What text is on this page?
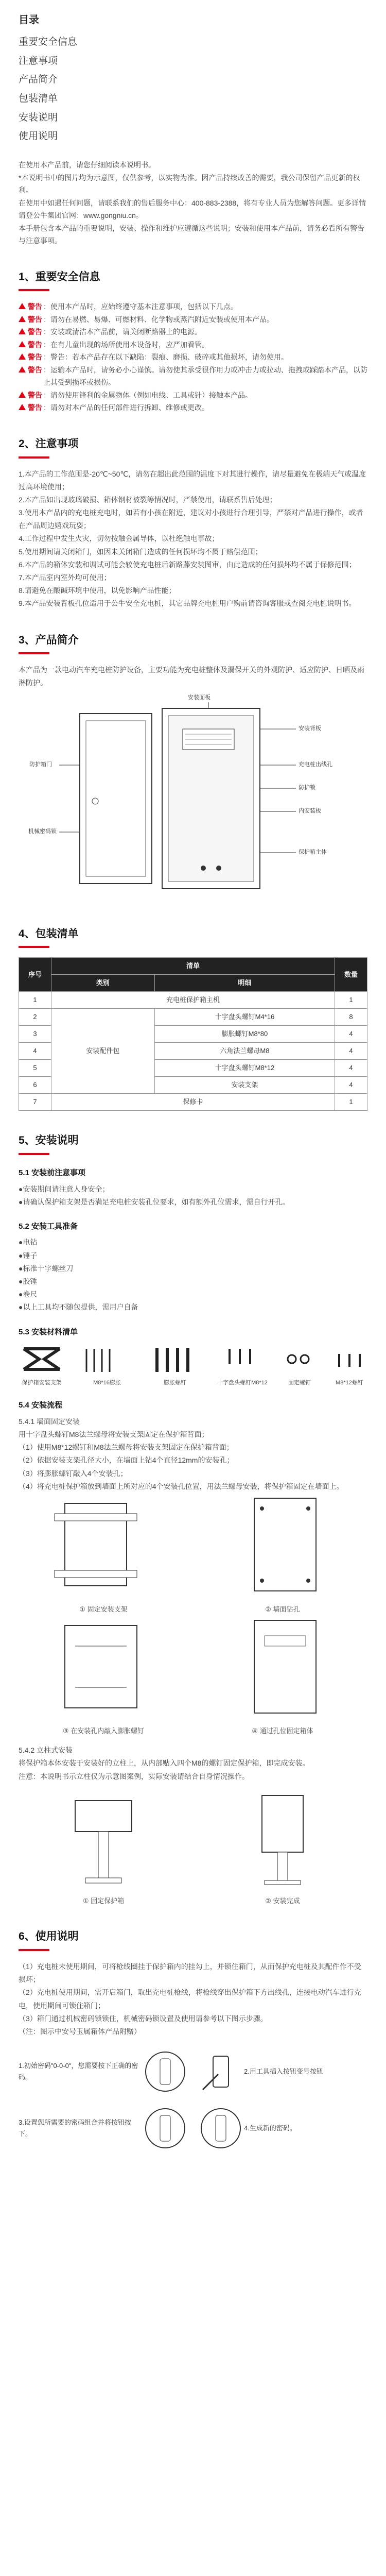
目录
重要安全信息
注意事项
产品简介
包装清单
安装说明
使用说明

在使用本产品前，请您仔细阅读本说明书。

*本说明书中的图片均为示意图，仅供参考，以实物为准。因产品持续改善的需要，我公司保留产品更新的权利。

在使用中如遇任何问题，请联系我们的售后服务中心：400-883-2388，将有专业人员为您解答问题。更多详情请登公牛集团官网：www.gongniu.cn。

本手册包含本产品的重要说明，安装、操作和维护应遵循这些说明；安装和使用本产品前，请务必看所有警告与注意事项。

1、重要安全信息
警告 ：使用本产品时，应始终遵守基本注意事项，包括以下几点。
警告 ：请勿在易燃、易爆、可燃材料、化学物或蒸汽附近安装或使用本产品。
警告 ：安装或清洁本产品前，请关闭断路器上的电源。
警告 ：在有儿童出现的场所使用本设备时，应严加看管。
警告 ：警告：若本产品存在以下缺陷：裂痕、磨损、破碎或其他损坏，请勿使用。
警告 ：运输本产品时，请务必小心谨慎。请勿使其承受很作用力或冲击力或拉动、拖拽或踩踏本产品，以防止其受到损坏或损伤。
警告 ：请勿使用锋利的金属物体（例如电线、工具或针）接触本产品。
警告 ：请勿对本产品的任何部件进行拆卸、维修或更改。
2、注意事项

1.本产品的工作范围是-20℃~50℃，请勿在超出此范围的温度下对其进行操作，请尽量避免在极端天气或温度过高环境使用；

2.本产品如出现玻璃破损、箱体钢材被裂等情况时，严禁使用，请联系售后处理；

3.使用本产品内的充电桩充电时，如若有小孩在附近，建议对小孩进行合理引导，严禁对产品进行操作，或者在产品周边嬉戏玩耍；

4.工作过程中发生火灾，切勿按触金属导体，以杜绝触电事故；

5.使用期间请关闭箱门，如因未关闭箱门造成的任何损坏均不属于赔偿范围；

6.本产品的箱体安装和调试可能会较使充电桩后新路藤安装图审，由此造成的任何损坏均不属于保修范围；

7.本产品室内室外均可使用；

8.请避免在酸碱环境中使用，以免影响产品性能；

9.本产品安装背板孔位适用于公牛安全充电桩，其它品牌充电桩用户购前请咨询客服或查阅充电桩说明书。

3、产品简介

本产品为一款电动汽车充电桩防护设备，主要功能为充电桩整体及漏保开关的外观防护、适应防护、日晒及雨淋防护。

安装面板
防护箱门
机械密码锁
安装背板
充电桩出线孔
防护锁
内安装板
保护箱主体
4、包装清单
序号	清单		数量
	类别	明细	
1	充电桩保护箱主机		1
2	安装配件包	十字盘头螺钉M4*16	8
3		膨胀螺钉M8*80	4
4		六角法兰螺母M8	4
5		十字盘头螺钉M8*12	4
6		安装支架	4
7	保修卡		1
5、安装说明
5.1 安装前注意事项

●安装期间请注意人身安全；

●请确认保护箱支架是否满足充电桩安装孔位要求，如有额外孔位需求，需自行开孔。

5.2 安装工具准备

●电钻

●锤子

●标准十字螺丝刀

●胶锤

●卷尺

●以上工具均不随包提供，需用户自备

5.3 安装材料清单
保护箱安装支架	M8*16膨胀	膨胀螺钉	十字盘头螺钉M8*12	固定螺钉	M8*12螺钉
5.4 安装流程

5.4.1 墙面固定安装

用十字盘头螺钉M8法兰螺母将安装支架固定在保护箱背面；

（1）使用M8*12螺钉和M8法兰螺母将安装支架固定在保护箱背面；

（2）依据安装支架孔径大小，在墙面上钻4个直径12mm的安装孔；

（3）将膨胀螺钉敲入4个安装孔；

（4）将充电桩保护箱放到墙面上所对应的4个安装孔位置，用法兰螺母安装，将保护箱固定在墙面上。

① 固定安装支架	② 墙面钻孔
③ 在安装孔内敲入膨胀螺钉	④ 通过孔位固定箱体

5.4.2 立柱式安装

将保护箱本体安装于安装好的立柱上，从内部贴入四个M8的螺钉固定保护箱，即完成安装。

注意：本说明书示立柱仅为示意图案例，实际安装请结合自身情况操作。

① 固定保护箱	② 安装完成
6、使用说明

（1）充电桩未使用期间，可将枪线圈挂于保护箱内的挂勾上，并锁住箱门，从而保护充电桩及其配件作不受损坏；

（2）充电桩使用期间，需开启箱门，取出充电桩枪线，将枪线穿出保护箱下方出线孔，连接电动汽车进行充电，使用期间可锁住箱门；

（3）箱门通过机械密码锁锁住，机械密码锁设置及使用请参考以下图示步骤。

（注：图示中安号玉属箱体产品附赠）

1.初始密码"0-0-0"，您需要按下正确的密码。
2.用工具插入按钮变号按钮
3.设置您所需要的密码组合并将按钮按下。
4.生成新的密码。
